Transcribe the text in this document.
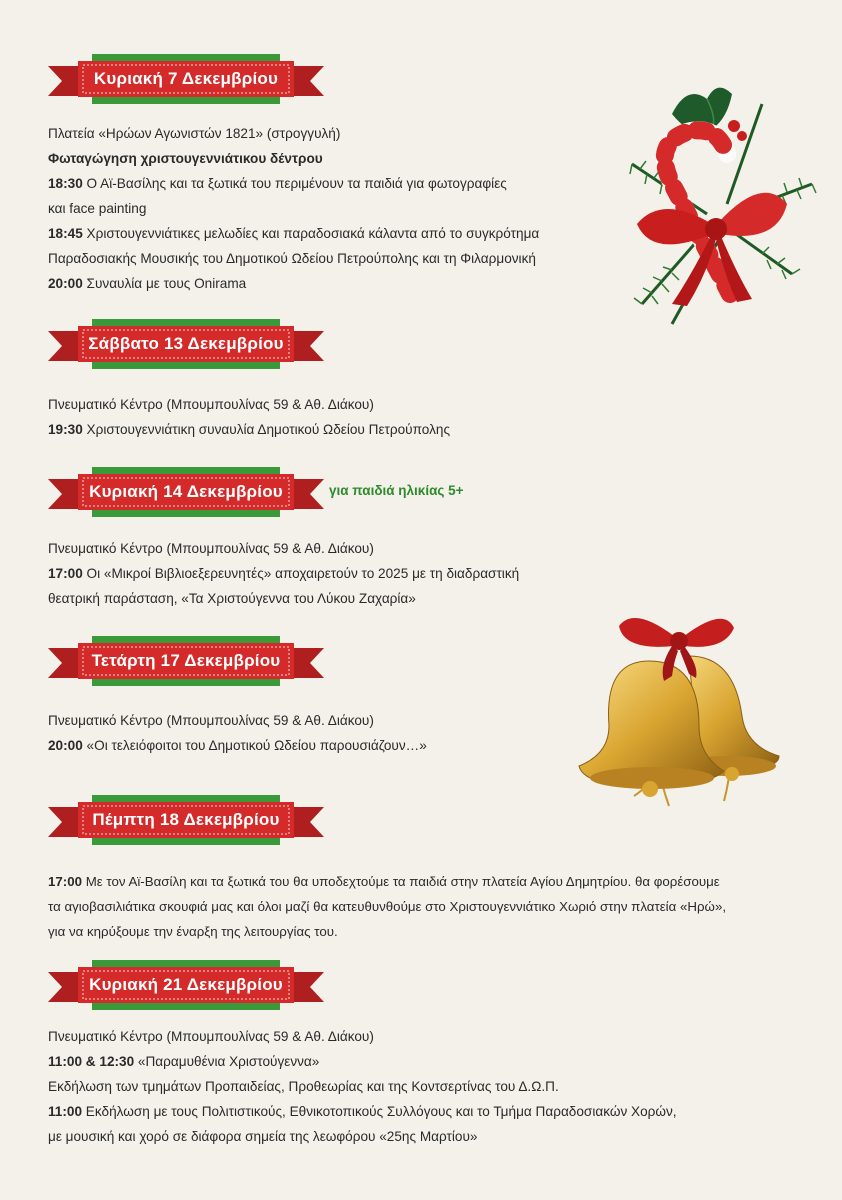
Κυριακή 7 Δεκεμβρίου
Πλατεία «Ηρώων Αγωνιστών 1821» (στρογγυλή)
Φωταγώγηση χριστουγεννιάτικου δέντρου
18:30 Ο Αϊ-Βασίλης και τα ξωτικά του περιμένουν τα παιδιά για φωτογραφίες
και face painting
18:45 Χριστουγεννιάτικες μελωδίες και παραδοσιακά κάλαντα από το συγκρότημα
Παραδοσιακής Μουσικής του Δημοτικού Ωδείου Πετρούπολης και τη Φιλαρμονική
20:00 Συναυλία με τους Onirama
Σάββατο 13 Δεκεμβρίου
Πνευματικό Κέντρο (Μπουμπουλίνας 59 & Αθ. Διάκου)
19:30 Χριστουγεννιάτικη συναυλία Δημοτικού Ωδείου Πετρούπολης
Κυριακή 14 Δεκεμβρίου	για παιδιά ηλικίας 5+
Πνευματικό Κέντρο (Μπουμπουλίνας 59 & Αθ. Διάκου)
17:00 Οι «Μικροί Βιβλιοεξερευνητές» αποχαιρετούν το 2025 με τη διαδραστική
θεατρική παράσταση, «Τα Χριστούγεννα του Λύκου Ζαχαρία»
Τετάρτη 17 Δεκεμβρίου
Πνευματικό Κέντρο (Μπουμπουλίνας 59 & Αθ. Διάκου)
20:00 «Οι τελειόφοιτοι του Δημοτικού Ωδείου παρουσιάζουν…»
Πέμπτη 18 Δεκεμβρίου
17:00 Με τον Αϊ-Βασίλη και τα ξωτικά του θα υποδεχτούμε τα παιδιά στην πλατεία Αγίου Δημητρίου. θα φορέσουμε
τα αγιοβασιλιάτικα σκουφιά μας και όλοι μαζί θα κατευθυνθούμε στο Χριστουγεννιάτικο Χωριό στην πλατεία «Ηρώ»,
για να κηρύξουμε την έναρξη της λειτουργίας του.
Κυριακή 21 Δεκεμβρίου
Πνευματικό Κέντρο (Μπουμπουλίνας 59 & Αθ. Διάκου)
11:00 & 12:30 «Παραμυθένια Χριστούγεννα»
Εκδήλωση των τμημάτων Προπαιδείας, Προθεωρίας και της Κοντσερτίνας του Δ.Ω.Π.
11:00 Εκδήλωση με τους Πολιτιστικούς, Εθνικοτοπικούς Συλλόγους και το Τμήμα Παραδοσιακών Χορών,
με μουσική και χορό σε διάφορα σημεία της λεωφόρου «25ης Μαρτίου»
